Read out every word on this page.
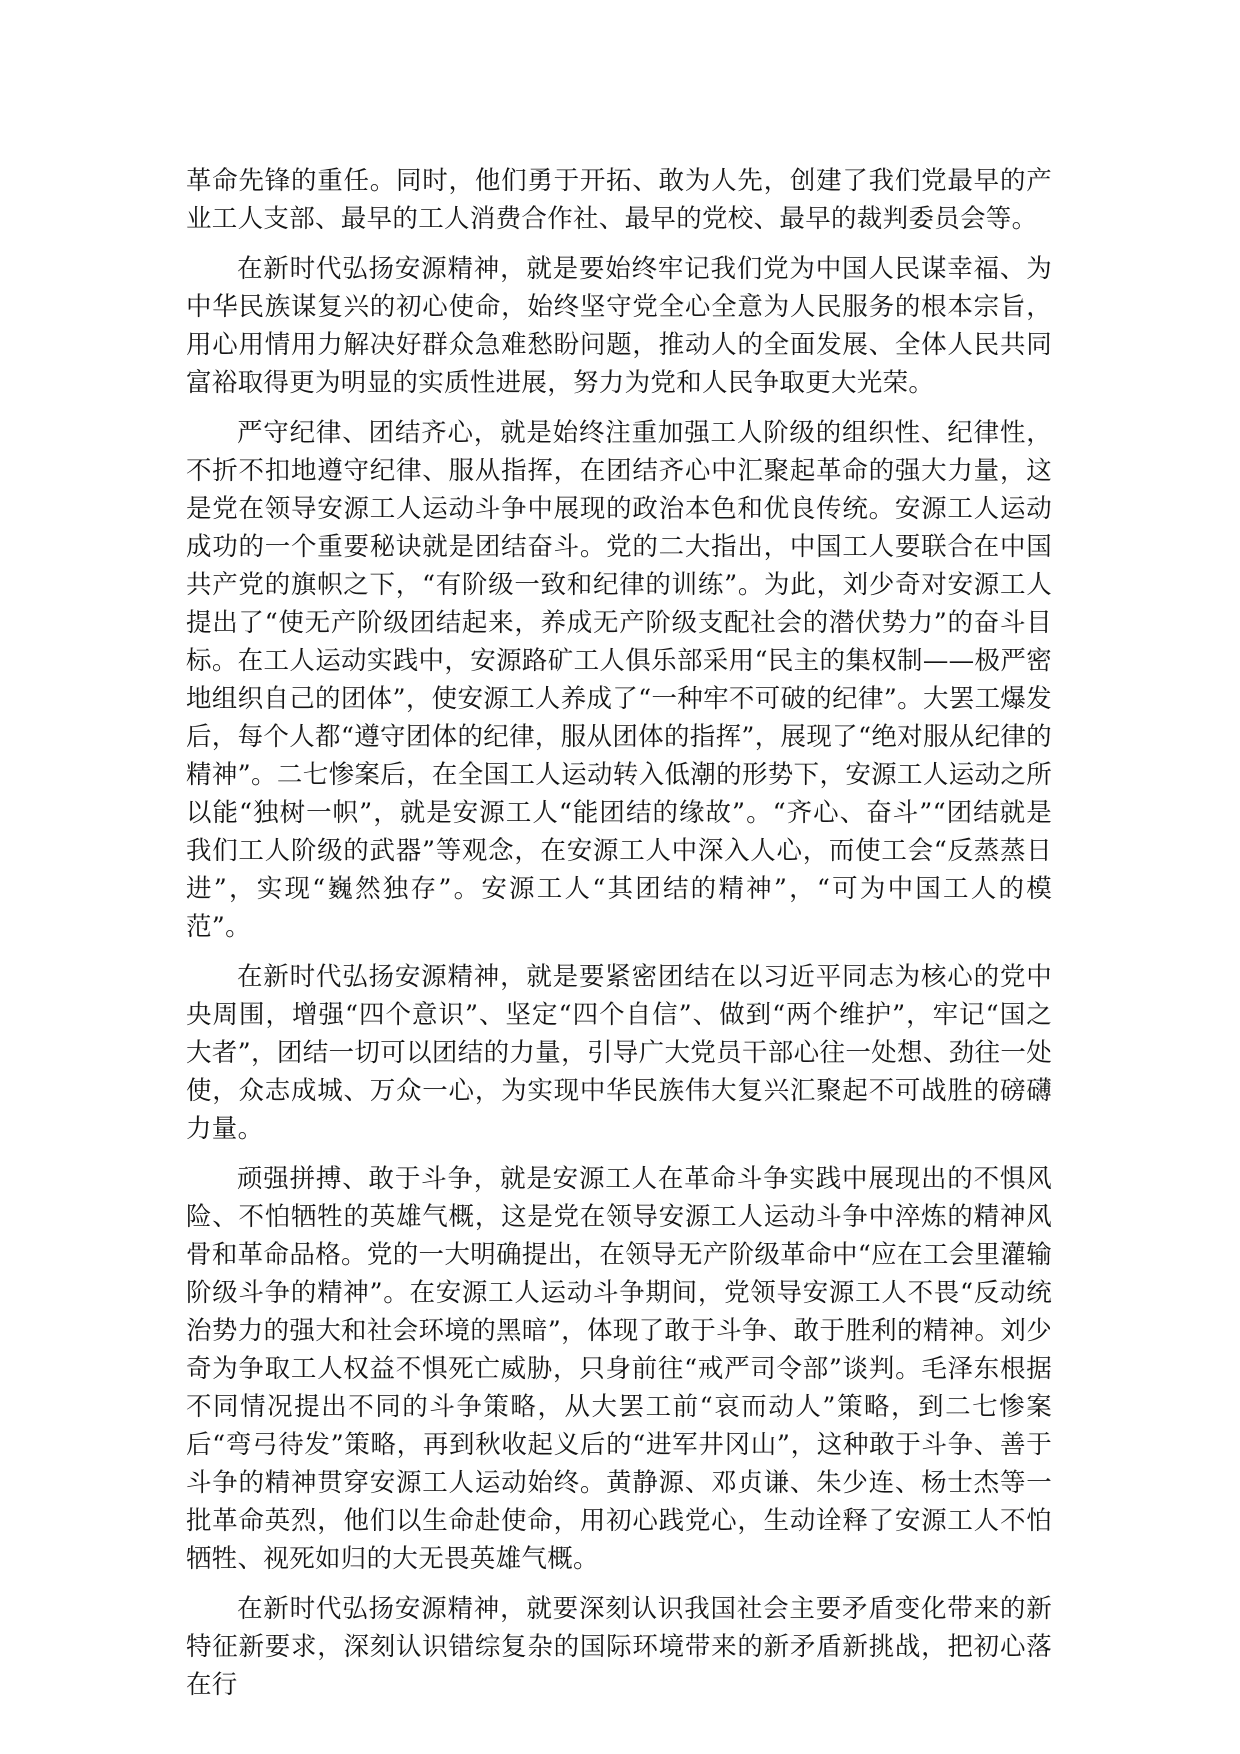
革命先锋的重任。同时，他们勇于开拓、敢为人先，创建了我们党最早的产业工人支部、最早的工人消费合作社、最早的党校、最早的裁判委员会等。

在新时代弘扬安源精神，就是要始终牢记我们党为中国人民谋幸福、为中华民族谋复兴的初心使命，始终坚守党全心全意为人民服务的根本宗旨，用心用情用力解决好群众急难愁盼问题，推动人的全面发展、全体人民共同富裕取得更为明显的实质性进展，努力为党和人民争取更大光荣。

严守纪律、团结齐心，就是始终注重加强工人阶级的组织性、纪律性，不折不扣地遵守纪律、服从指挥，在团结齐心中汇聚起革命的强大力量，这是党在领导安源工人运动斗争中展现的政治本色和优良传统。安源工人运动成功的一个重要秘诀就是团结奋斗。党的二大指出，中国工人要联合在中国共产党的旗帜之下，“有阶级一致和纪律的训练”。为此，刘少奇对安源工人提出了“使无产阶级团结起来，养成无产阶级支配社会的潜伏势力”的奋斗目标。在工人运动实践中，安源路矿工人俱乐部采用“民主的集权制——极严密地组织自己的团体”，使安源工人养成了“一种牢不可破的纪律”。大罢工爆发后，每个人都“遵守团体的纪律，服从团体的指挥”，展现了“绝对服从纪律的精神”。二七惨案后，在全国工人运动转入低潮的形势下，安源工人运动之所以能“独树一帜”，就是安源工人“能团结的缘故”。“齐心、奋斗”“团结就是我们工人阶级的武器”等观念，在安源工人中深入人心，而使工会“反蒸蒸日进”，实现“巍然独存”。安源工人“其团结的精神”，“可为中国工人的模范”。

在新时代弘扬安源精神，就是要紧密团结在以习近平同志为核心的党中央周围，增强“四个意识”、坚定“四个自信”、做到“两个维护”，牢记“国之大者”，团结一切可以团结的力量，引导广大党员干部心往一处想、劲往一处使，众志成城、万众一心，为实现中华民族伟大复兴汇聚起不可战胜的磅礴力量。

顽强拼搏、敢于斗争，就是安源工人在革命斗争实践中展现出的不惧风险、不怕牺牲的英雄气概，这是党在领导安源工人运动斗争中淬炼的精神风骨和革命品格。党的一大明确提出，在领导无产阶级革命中“应在工会里灌输阶级斗争的精神”。在安源工人运动斗争期间，党领导安源工人不畏“反动统治势力的强大和社会环境的黑暗”，体现了敢于斗争、敢于胜利的精神。刘少奇为争取工人权益不惧死亡威胁，只身前往“戒严司令部”谈判。毛泽东根据不同情况提出不同的斗争策略，从大罢工前“哀而动人”策略，到二七惨案后“弯弓待发”策略，再到秋收起义后的“进军井冈山”，这种敢于斗争、善于斗争的精神贯穿安源工人运动始终。黄静源、邓贞谦、朱少连、杨士杰等一批革命英烈，他们以生命赴使命，用初心践党心，生动诠释了安源工人不怕牺牲、视死如归的大无畏英雄气概。

在新时代弘扬安源精神，就要深刻认识我国社会主要矛盾变化带来的新特征新要求，深刻认识错综复杂的国际环境带来的新矛盾新挑战，把初心落在行
